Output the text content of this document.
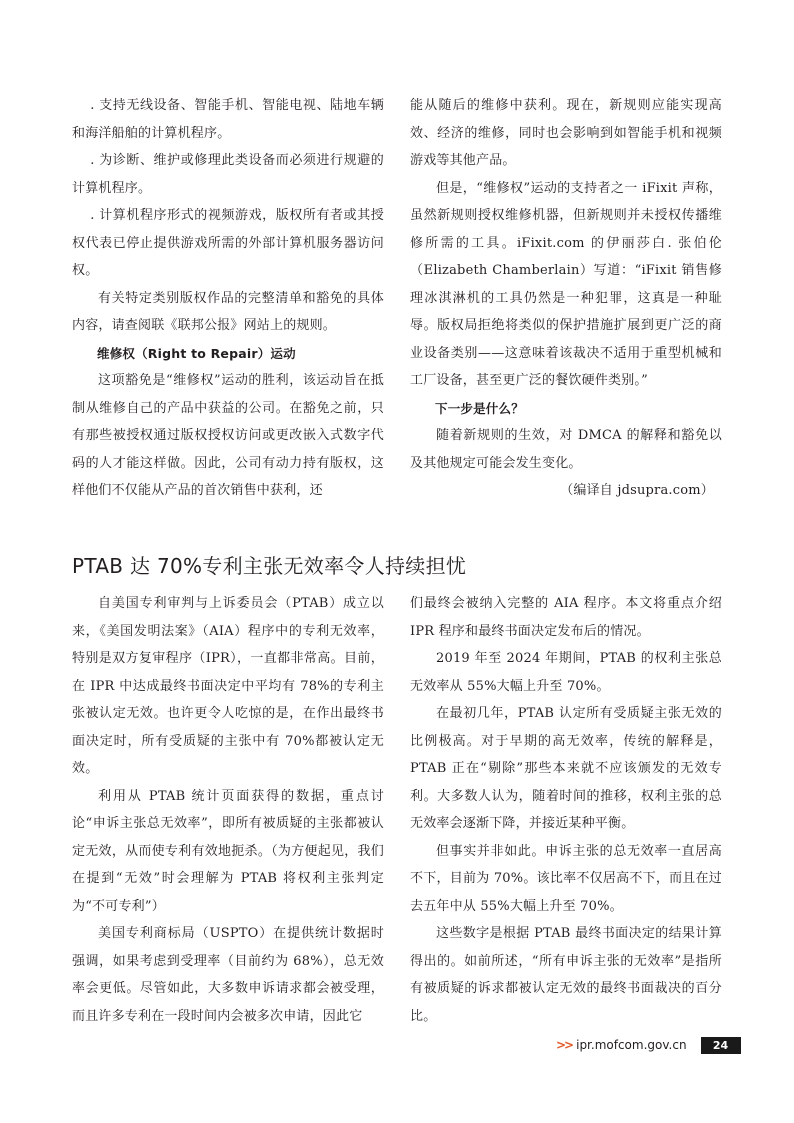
. 支持无线设备、智能手机、智能电视、陆地车辆和海洋船舶的计算机程序。

. 为诊断、维护或修理此类设备而必须进行规避的计算机程序。

. 计算机程序形式的视频游戏，版权所有者或其授权代表已停止提供游戏所需的外部计算机服务器访问权。

有关特定类别版权作品的完整清单和豁免的具体内容，请查阅联《联邦公报》网站上的规则。

维修权（Right to Repair）运动

这项豁免是“维修权”运动的胜利，该运动旨在抵制从维修自己的产品中获益的公司。在豁免之前，只有那些被授权通过版权授权访问或更改嵌入式数字代码的人才能这样做。因此，公司有动力持有版权，这样他们不仅能从产品的首次销售中获利，还

能从随后的维修中获利。现在，新规则应能实现高效、经济的维修，同时也会影响到如智能手机和视频游戏等其他产品。

但是，“维修权”运动的支持者之一 iFixit 声称，虽然新规则授权维修机器，但新规则并未授权传播维修所需的工具。iFixit.com 的伊丽莎白. 张伯伦（Elizabeth Chamberlain）写道：“iFixit 销售修理冰淇淋机的工具仍然是一种犯罪，这真是一种耻辱。版权局拒绝将类似的保护措施扩展到更广泛的商业设备类别——这意味着该裁决不适用于重型机械和工厂设备，甚至更广泛的餐饮硬件类别。”

下一步是什么？

随着新规则的生效，对 DMCA 的解释和豁免以及其他规定可能会发生变化。

（编译自 jdsupra.com）

PTAB 达 70%专利主张无效率令人持续担忧

自美国专利审判与上诉委员会（PTAB）成立以来，《美国发明法案》（AIA）程序中的专利无效率，特别是双方复审程序（IPR），一直都非常高。目前，在 IPR 中达成最终书面决定中平均有 78%的专利主张被认定无效。也许更令人吃惊的是，在作出最终书面决定时，所有受质疑的主张中有 70%都被认定无效。

利用从 PTAB 统计页面获得的数据，重点讨论“申诉主张总无效率”，即所有被质疑的主张都被认定无效，从而使专利有效地扼杀。（为方便起见，我们在提到“无效”时会理解为 PTAB 将权利主张判定为“不可专利”）

美国专利商标局（USPTO）在提供统计数据时强调，如果考虑到受理率（目前约为 68%），总无效率会更低。尽管如此，大多数申诉请求都会被受理，而且许多专利在一段时间内会被多次申请，因此它

们最终会被纳入完整的 AIA 程序。本文将重点介绍 IPR 程序和最终书面决定发布后的情况。

2019 年至 2024 年期间，PTAB 的权利主张总无效率从 55%大幅上升至 70%。

在最初几年，PTAB 认定所有受质疑主张无效的比例极高。对于早期的高无效率，传统的解释是，PTAB 正在“剔除”那些本来就不应该颁发的无效专利。大多数人认为，随着时间的推移，权利主张的总无效率会逐渐下降，并接近某种平衡。

但事实并非如此。申诉主张的总无效率一直居高不下，目前为 70%。该比率不仅居高不下，而且在过去五年中从 55%大幅上升至 70%。

这些数字是根据 PTAB 最终书面决定的结果计算得出的。如前所述，“所有申诉主张的无效率”是指所有被质疑的诉求都被认定无效的最终书面裁决的百分比。

>> ipr.mofcom.gov.cn	24
